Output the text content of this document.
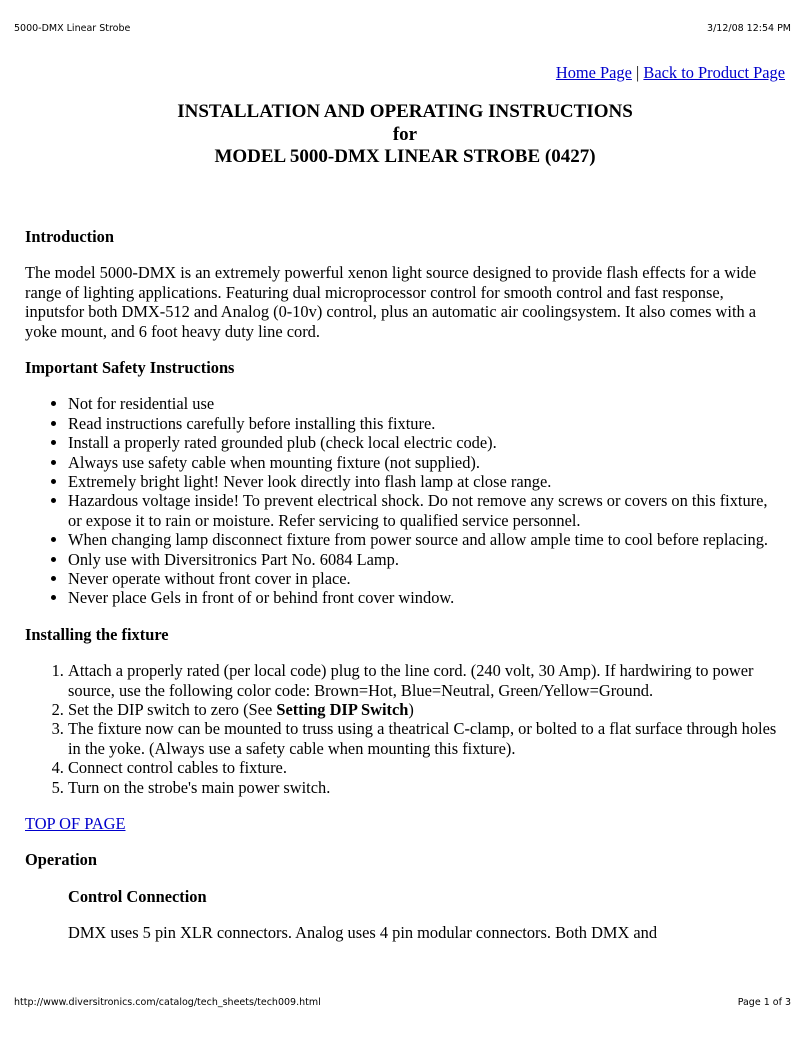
5000-DMX Linear Strobe	3/12/08 12:54 PM
Home Page | Back to Product Page
INSTALLATION AND OPERATING INSTRUCTIONS
for
MODEL 5000-DMX LINEAR STROBE (0427)
Introduction

The model 5000-DMX is an extremely powerful xenon light source designed to provide flash effects for a wide range of lighting applications. Featuring dual microprocessor control for smooth control and fast response, inputsfor both DMX-512 and Analog (0-10v) control, plus an automatic air coolingsystem. It also comes with a yoke mount, and 6 foot heavy duty line cord.

Important Safety Instructions
• Not for residential use
• Read instructions carefully before installing this fixture.
• Install a properly rated grounded plub (check local electric code).
• Always use safety cable when mounting fixture (not supplied).
• Extremely bright light! Never look directly into flash lamp at close range.
• Hazardous voltage inside! To prevent electrical shock. Do not remove any screws or covers on this fixture, or expose it to rain or moisture. Refer servicing to qualified service personnel.
• When changing lamp disconnect fixture from power source and allow ample time to cool before replacing.
• Only use with Diversitronics Part No. 6084 Lamp.
• Never operate without front cover in place.
• Never place Gels in front of or behind front cover window.
Installing the fixture
1. Attach a properly rated (per local code) plug to the line cord. (240 volt, 30 Amp). If hardwiring to power source, use the following color code: Brown=Hot, Blue=Neutral, Green/Yellow=Ground.
2. Set the DIP switch to zero (See Setting DIP Switch)
3. The fixture now can be mounted to truss using a theatrical C-clamp, or bolted to a flat surface through holes in the yoke. (Always use a safety cable when mounting this fixture).
4. Connect control cables to fixture.
5. Turn on the strobe's main power switch.

TOP OF PAGE

Operation
Control Connection

DMX uses 5 pin XLR connectors. Analog uses 4 pin modular connectors. Both DMX and

http://www.diversitronics.com/catalog/tech_sheets/tech009.html	Page 1 of 3
